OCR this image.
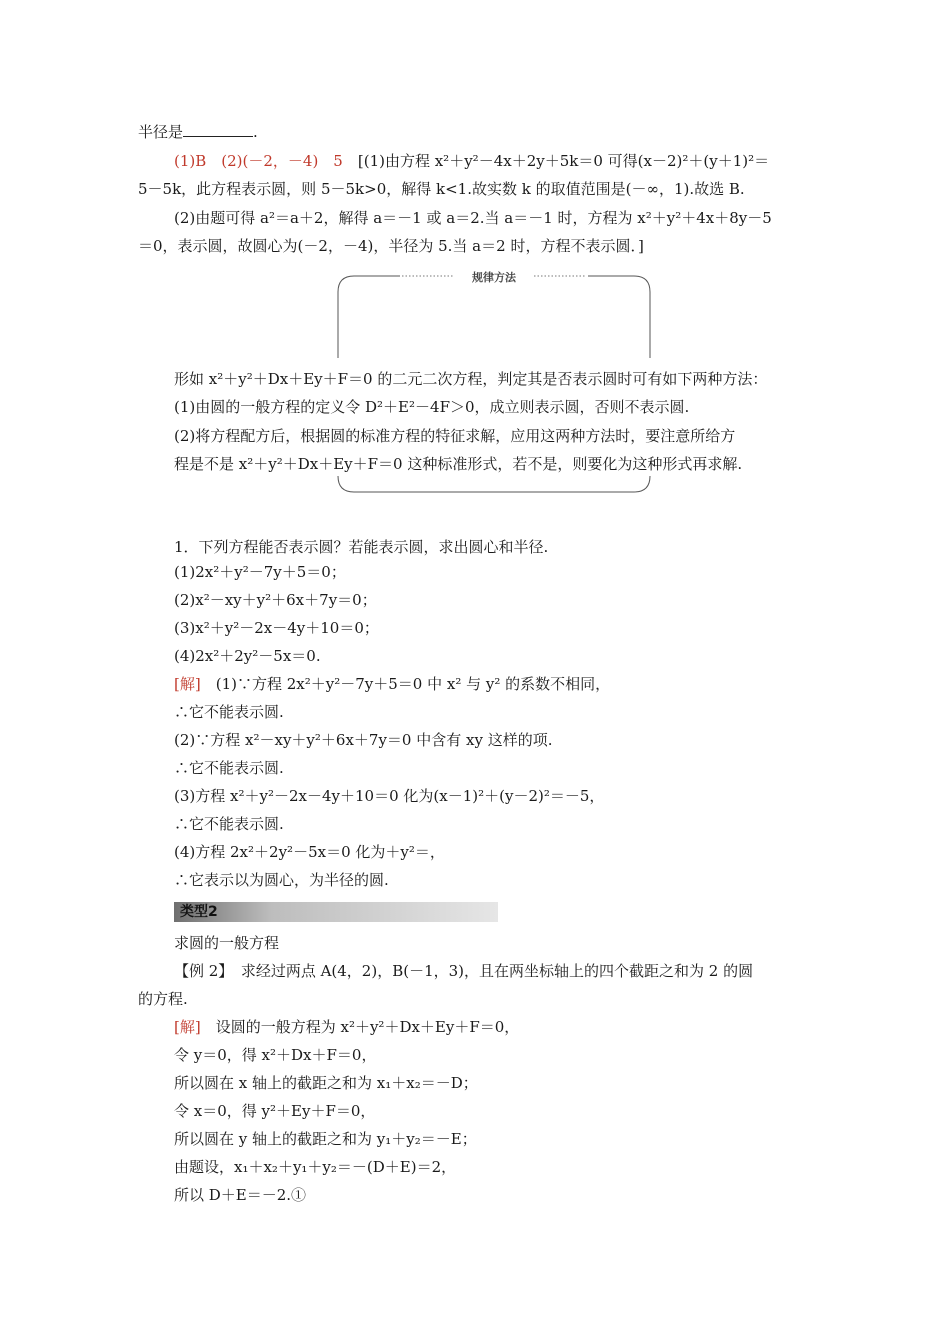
半径是	.
(1)B　(2)(－2，－4)　5　[(1)由方程 x²＋y²－4x＋2y＋5k＝0 可得(x－2)²＋(y＋1)²＝
5－5k，此方程表示圆，则 5－5k>0，解得 k<1.故实数 k 的取值范围是(－∞，1).故选 B.
(2)由题可得 a²＝a＋2，解得 a＝－1 或 a＝2.当 a＝－1 时，方程为 x²＋y²＋4x＋8y－5
＝0，表示圆，故圆心为(－2，－4)，半径为 5.当 a＝2 时，方程不表示圆．]
规律方法
形如 x²＋y²＋Dx＋Ey＋F＝0 的二元二次方程，判定其是否表示圆时可有如下两种方法：
(1)由圆的一般方程的定义令 D²＋E²－4F＞0，成立则表示圆，否则不表示圆.
(2)将方程配方后，根据圆的标准方程的特征求解，应用这两种方法时，要注意所给方
程是不是 x²＋y²＋Dx＋Ey＋F＝0 这种标准形式，若不是，则要化为这种形式再求解.
1．下列方程能否表示圆？若能表示圆，求出圆心和半径.
(1)2x²＋y²－7y＋5＝0；
(2)x²－xy＋y²＋6x＋7y＝0；
(3)x²＋y²－2x－4y＋10＝0；
(4)2x²＋2y²－5x＝0.
[解]　(1)∵方程 2x²＋y²－7y＋5＝0 中 x² 与 y² 的系数不相同，
∴它不能表示圆.
(2)∵方程 x²－xy＋y²＋6x＋7y＝0 中含有 xy 这样的项.
∴它不能表示圆.
(3)方程 x²＋y²－2x－4y＋10＝0 化为(x－1)²＋(y－2)²＝－5，
∴它不能表示圆.
(4)方程 2x²＋2y²－5x＝0 化为＋y²＝，
∴它表示以为圆心，为半径的圆.
类型2
求圆的一般方程
【例 2】　求经过两点 A(4，2)，B(－1，3)，且在两坐标轴上的四个截距之和为 2 的圆
的方程.
[解]　设圆的一般方程为 x²＋y²＋Dx＋Ey＋F＝0，
令 y＝0，得 x²＋Dx＋F＝0，
所以圆在 x 轴上的截距之和为 x₁＋x₂＝－D；
令 x＝0，得 y²＋Ey＋F＝0，
所以圆在 y 轴上的截距之和为 y₁＋y₂＝－E；
由题设，x₁＋x₂＋y₁＋y₂＝－(D＋E)＝2，
所以 D＋E＝－2.①
